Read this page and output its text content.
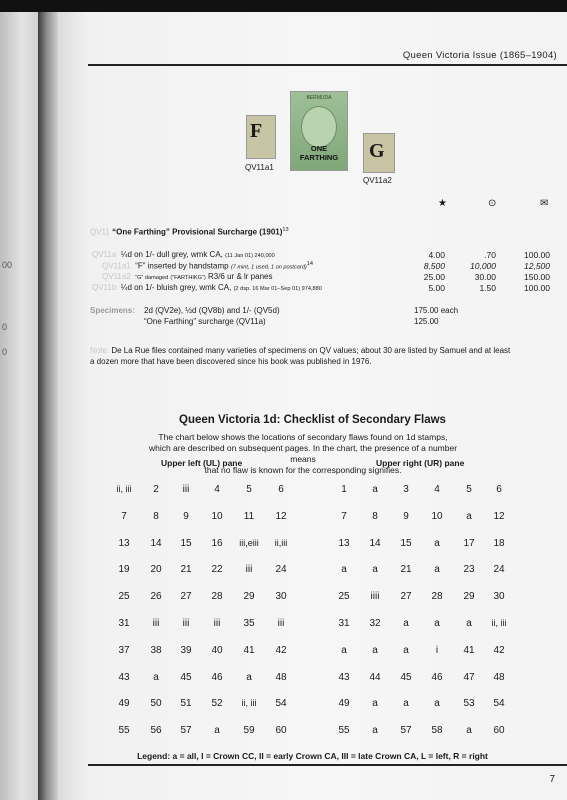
00
0
0
Queen Victoria Issue (1865–1904)
F
QV11a1
BERMUDA
ONE
FARTHING	G
QV11a2
★	⊙	✉
QV11 “One Farthing” Provisional Surcharge $(1901)^{13}$
QV11a ¼d on 1/- dull grey, wmk CA, (11 Jan 01) 240,000	4.00	.70	100.00
QV11a1 “F” inserted by handstamp (7 mint, 1 used, 1 on postcard)$^{14}$	8,500	10,000	12,500
QV11a2 “G” damaged (“FARTHIKG”) R3/6 ur & lr panes	25.00	30.00	150.00
QV11b ¼d on 1/- bluish grey, wmk CA, (2 dsp. 16 Mar 01–Sep 01) 974,880	5.00	1.50	100.00
Specimens: 2d (QV2e), ½d (QV8b) and 1/- (QV5d)	175.00 each
“One Farthing” surcharge (QV11a)	125.00
Note: De La Rue files contained many varieties of specimens on QV values; about 30 are listed by Samuel and at least
a dozen more that have been discovered since his book was published in 1976.
Queen Victoria 1d: Checklist of Secondary Flaws
The chart below shows the locations of secondary flaws found on 1d stamps,
which are described on subsequent pages. In the chart, the presence of a number means
that no flaw is known for the corresponding signifies.
Upper left (UL) pane	Upper right (UR) pane
Legend: a = all, I = Crown CC, II = early Crown CA, III = late Crown CA, L = left, R = right
7
ii, iii	2	iii	4	5	6
7	8	9	10	11	12
13	14	15	16	iii,eiii	ii,iii
19	20	21	22	iii	24
25	26	27	28	29	30
31	iii	iii	iii	35	iii
37	38	39	40	41	42
43	a	45	46	a	48
49	50	51	52	ii, iii	54
55	56	57	a	59	60
1	a	3	4	5	6
7	8	9	10	a	12
13	14	15	a	17	18
a	a	21	a	23	24
25	iiii	27	28	29	30
31	32	a	a	a	ii, iii
a	a	a	i	41	42
43	44	45	46	47	48
49	a	a	a	53	54
55	a	57	58	a	60
